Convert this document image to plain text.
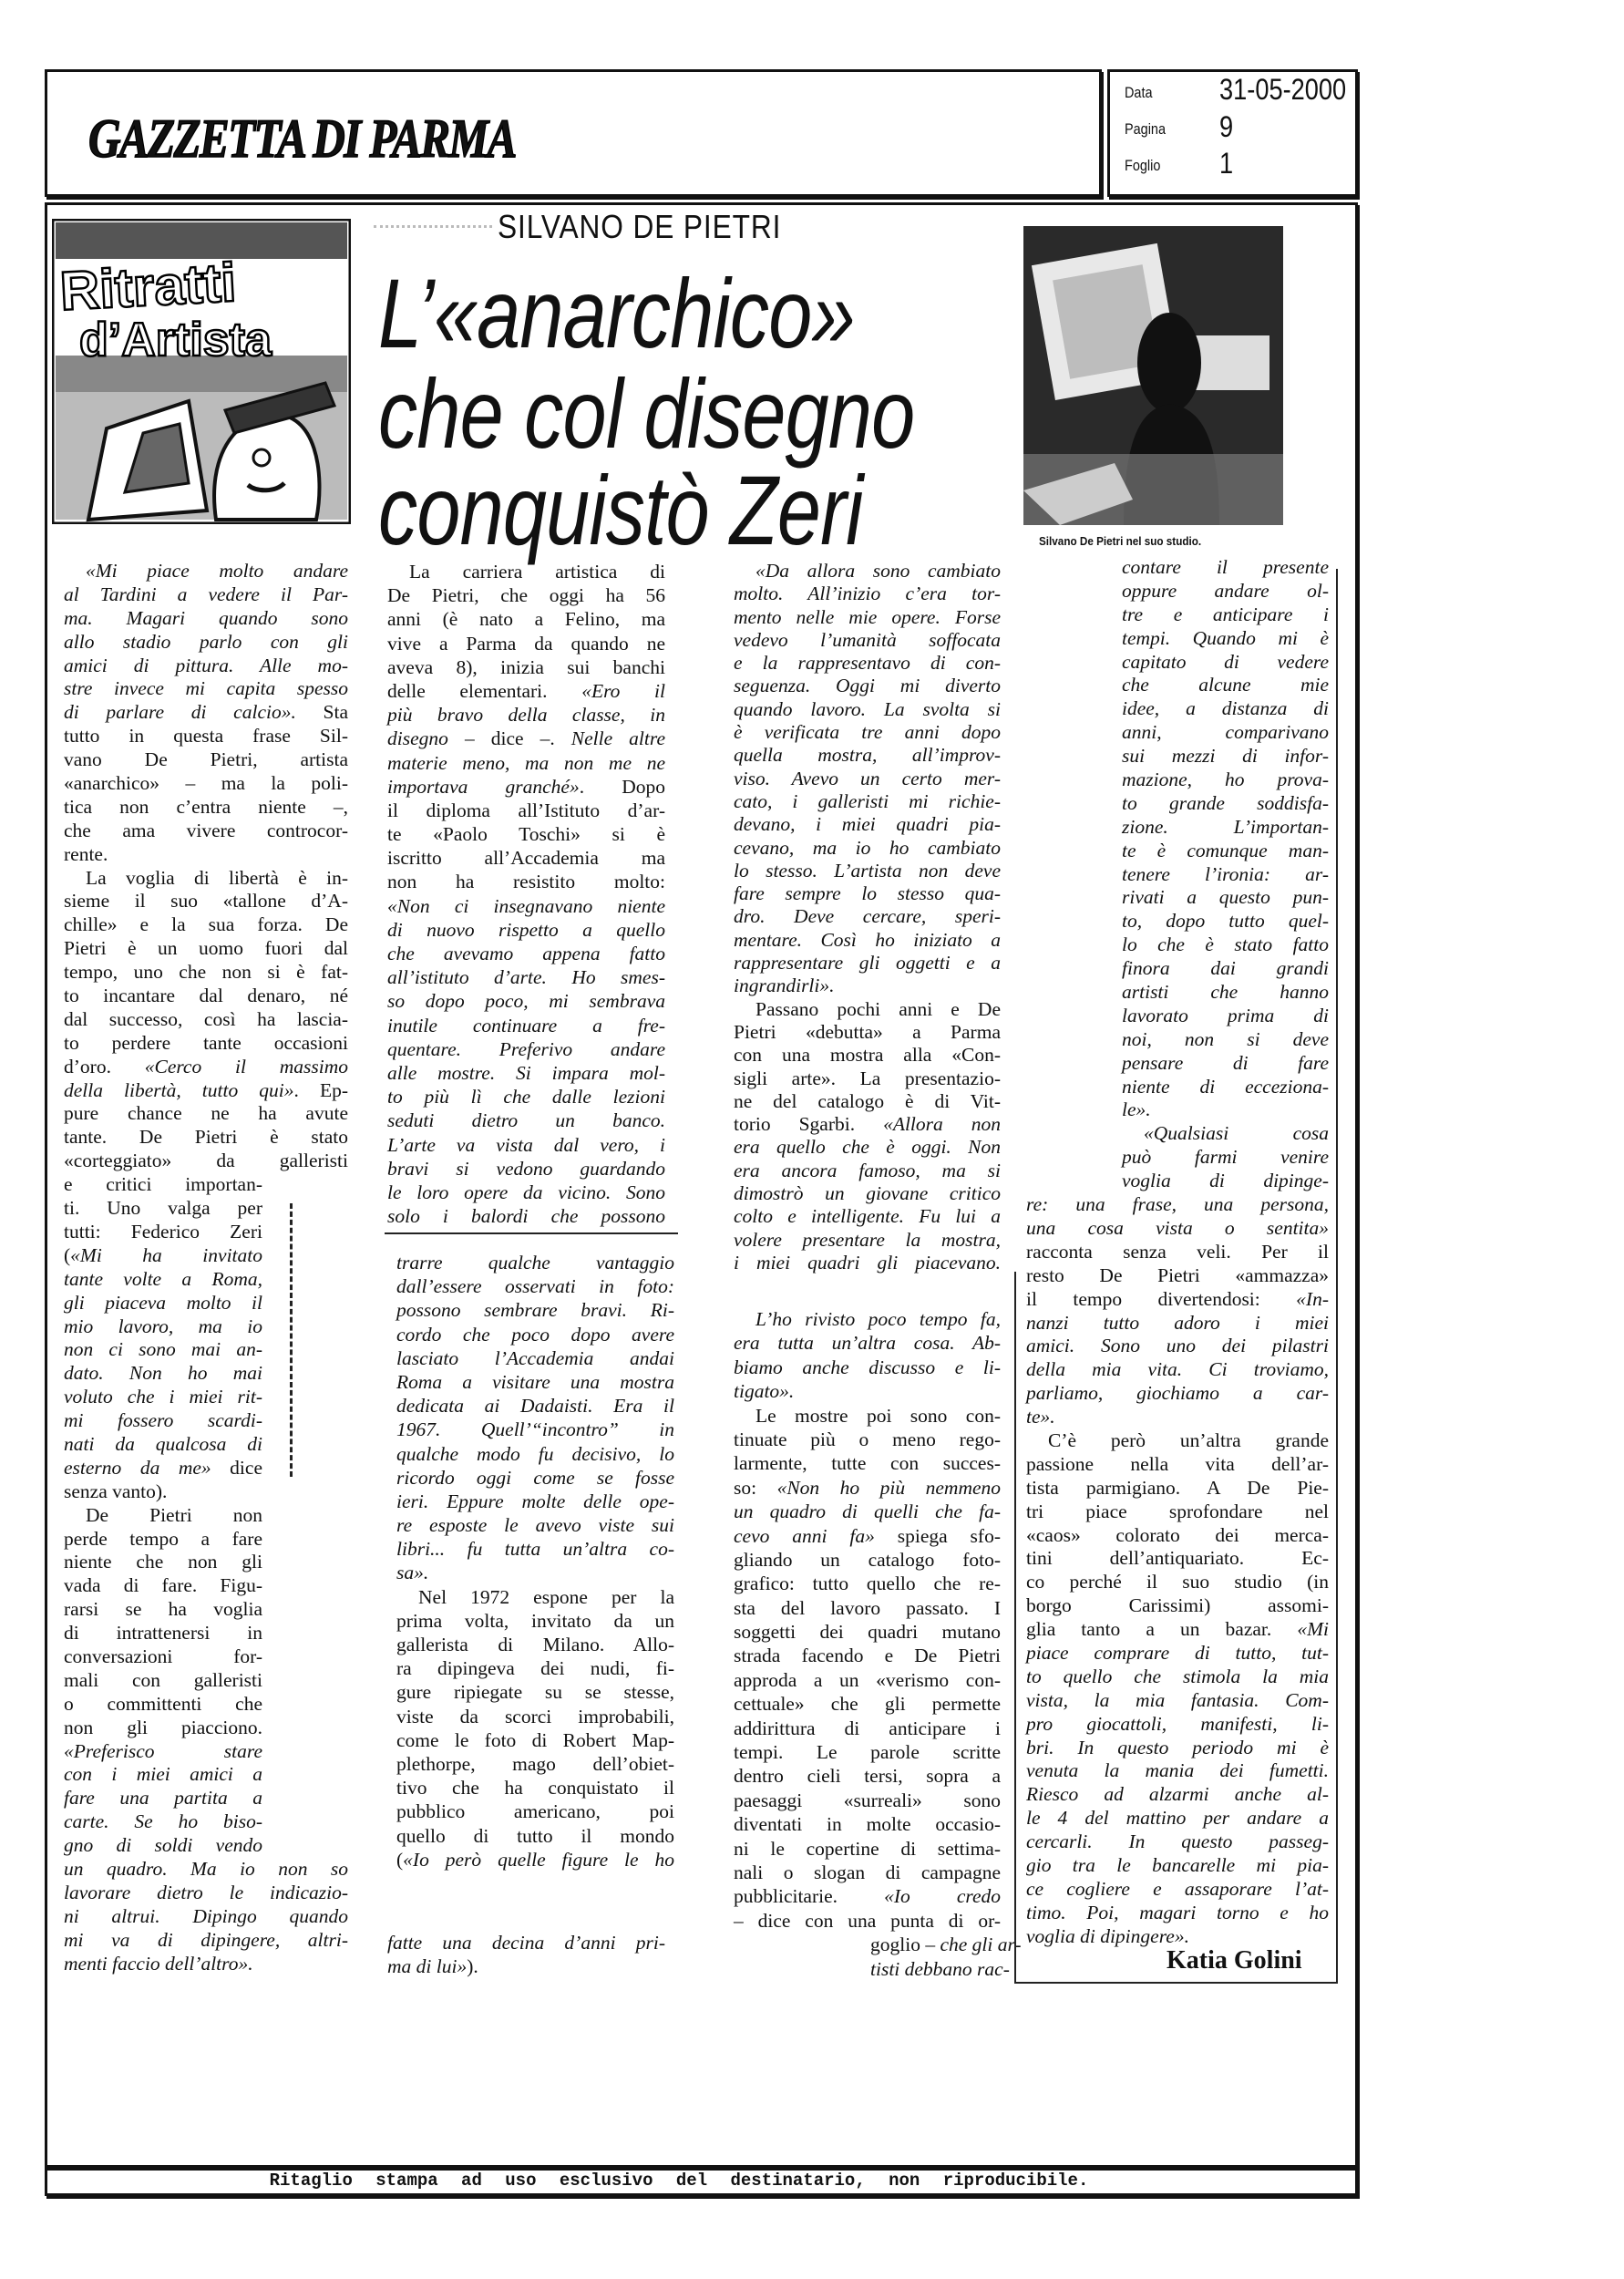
GAZZETTA DI PARMA
Data 31-05-2000
Pagina 9
Foglio 1
Ritratti
d’Artista
SILVANO DE PIETRI
L’«anarchico»
che col disegno
conquistò Zeri	Silvano De Pietri nel suo studio.
«Mi piace molto andare
al Tardini a vedere il Par-
ma. Magari quando sono
allo stadio parlo con gli
amici di pittura. Alle mo-
stre invece mi capita spesso
di parlare di calcio». Sta
tutto in questa frase Sil-
vano De Pietri, artista
«anarchico» – ma la poli-
tica non c’entra niente –,
che ama vivere controcor-
rente.
La voglia di libertà è in-
sieme il suo «tallone d’A-
chille» e la sua forza. De
Pietri è un uomo fuori dal
tempo, uno che non si è fat-
to incantare dal denaro, né
dal successo, così ha lascia-
to perdere tante occasioni
d’oro. «Cerco il massimo
della libertà, tutto qui». Ep-
pure chance ne ha avute
tante. De Pietri è stato
«corteggiato» da galleristi
e critici importan-
ti. Uno valga per
tutti: Federico Zeri
(«Mi ha invitato
tante volte a Roma,
gli piaceva molto il
mio lavoro, ma io
non ci sono mai an-
dato. Non ho mai
voluto che i miei rit-
mi fossero scardi-
nati da qualcosa di
esterno da me» dice
senza vanto).
De Pietri non
perde tempo a fare
niente che non gli
vada di fare. Figu-
rarsi se ha voglia
di intrattenersi in
conversazioni for-
mali con galleristi
o committenti che
non gli piacciono.
«Preferisco stare
con i miei amici a
fare una partita a
carte. Se ho biso-
gno di soldi vendo
un quadro. Ma io non so
lavorare dietro le indicazio-
ni altrui. Dipingo quando
mi va di dipingere, altri-
menti faccio dell’altro».
La carriera artistica di
De Pietri, che oggi ha 56
anni (è nato a Felino, ma
vive a Parma da quando ne
aveva 8), inizia sui banchi
delle elementari. «Ero il
più bravo della classe, in
disegno – dice –. Nelle altre
materie meno, ma non me ne
importava granché». Dopo
il diploma all’Istituto d’ar-
te «Paolo Toschi» si è
iscritto all’Accademia ma
non ha resistito molto:
«Non ci insegnavano niente
di nuovo rispetto a quello
che avevamo appena fatto
all’istituto d’arte. Ho smes-
so dopo poco, mi sembrava
inutile continuare a fre-
quentare. Preferivo andare
alle mostre. Si impara mol-
to più lì che dalle lezioni
seduti dietro un banco.
L’arte va vista dal vero, i
bravi si vedono guardando
le loro opere da vicino. Sono
solo i balordi che possono
trarre qualche vantaggio
dall’essere osservati in foto:
possono sembrare bravi. Ri-
cordo che poco dopo avere
lasciato l’Accademia andai
Roma a visitare una mostra
dedicata ai Dadaisti. Era il
1967. Quell’“incontro” in
qualche modo fu decisivo, lo
ricordo oggi come se fosse
ieri. Eppure molte delle ope-
re esposte le avevo viste sui
libri... fu tutta un’altra co-
sa».
Nel 1972 espone per la
prima volta, invitato da un
gallerista di Milano. Allo-
ra dipingeva dei nudi, fi-
gure ripiegate su se stesse,
viste da scorci improbabili,
come le foto di Robert Map-
plethorpe, mago dell’obiet-
tivo che ha conquistato il
pubblico americano, poi
quello di tutto il mondo
(«Io però quelle figure le ho
fatte una decina d’anni pri-
ma di lui»).
«Da allora sono cambiato
molto. All’inizio c’era tor-
mento nelle mie opere. Forse
vedevo l’umanità soffocata
e la rappresentavo di con-
seguenza. Oggi mi diverto
quando lavoro. La svolta si
è verificata tre anni dopo
quella mostra, all’improv-
viso. Avevo un certo mer-
cato, i galleristi mi richie-
devano, i miei quadri pia-
cevano, ma io ho cambiato
lo stesso. L’artista non deve
fare sempre lo stesso qua-
dro. Deve cercare, speri-
mentare. Così ho iniziato a
rappresentare gli oggetti e a
ingrandirli».
Passano pochi anni e De
Pietri «debutta» a Parma
con una mostra alla «Con-
sigli arte». La presentazio-
ne del catalogo è di Vit-
torio Sgarbi. «Allora non
era quello che è oggi. Non
era ancora famoso, ma si
dimostrò un giovane critico
colto e intelligente. Fu lui a
volere presentare la mostra,
i miei quadri gli piacevano.
L’ho rivisto poco tempo fa,
era tutta un’altra cosa. Ab-
biamo anche discusso e li-
tigato».
Le mostre poi sono con-
tinuate più o meno rego-
larmente, tutte con succes-
so: «Non ho più nemmeno
un quadro di quelli che fa-
cevo anni fa» spiega sfo-
gliando un catalogo foto-
grafico: tutto quello che re-
sta del lavoro passato. I
soggetti dei quadri mutano
strada facendo e De Pietri
approda a un «verismo con-
cettuale» che gli permette
addirittura di anticipare i
tempi. Le parole scritte
dentro cieli tersi, sopra a
paesaggi «surreali» sono
diventati in molte occasio-
ni le copertine di settima-
nali o slogan di campagne
pubblicitarie. «Io credo
– dice con una punta di or-
goglio – che gli ar-
tisti debbano rac-
contare il presente
oppure andare ol-
tre e anticipare i
tempi. Quando mi è
capitato di vedere
che alcune mie
idee, a distanza di
anni, comparivano
sui mezzi di infor-
mazione, ho prova-
to grande soddisfa-
zione. L’importan-
te è comunque man-
tenere l’ironia: ar-
rivati a questo pun-
to, dopo tutto quel-
lo che è stato fatto
finora dai grandi
artisti che hanno
lavorato prima di
noi, non si deve
pensare di fare
niente di ecceziona-
le».
«Qualsiasi cosa
può farmi venire
voglia di dipinge-
re: una frase, una persona,
una cosa vista o sentita»
racconta senza veli. Per il
resto De Pietri «ammazza»
il tempo divertendosi: «In-
nanzi tutto adoro i miei
amici. Sono uno dei pilastri
della mia vita. Ci troviamo,
parliamo, giochiamo a car-
te».
C’è però un’altra grande
passione nella vita dell’ar-
tista parmigiano. A De Pie-
tri piace sprofondare nel
«caos» colorato dei merca-
tini dell’antiquariato. Ec-
co perché il suo studio (in
borgo Carissimi) assomi-
glia tanto a un bazar. «Mi
piace comprare di tutto, tut-
to quello che stimola la mia
vista, la mia fantasia. Com-
pro giocattoli, manifesti, li-
bri. In questo periodo mi è
venuta la mania dei fumetti.
Riesco ad alzarmi anche al-
le 4 del mattino per andare a
cercarli. In questo passeg-
gio tra le bancarelle mi pia-
ce cogliere e assaporare l’at-
timo. Poi, magari torno e ho
voglia di dipingere».
Katia Golini
Ritaglio stampa ad uso esclusivo del destinatario, non riproducibile.
